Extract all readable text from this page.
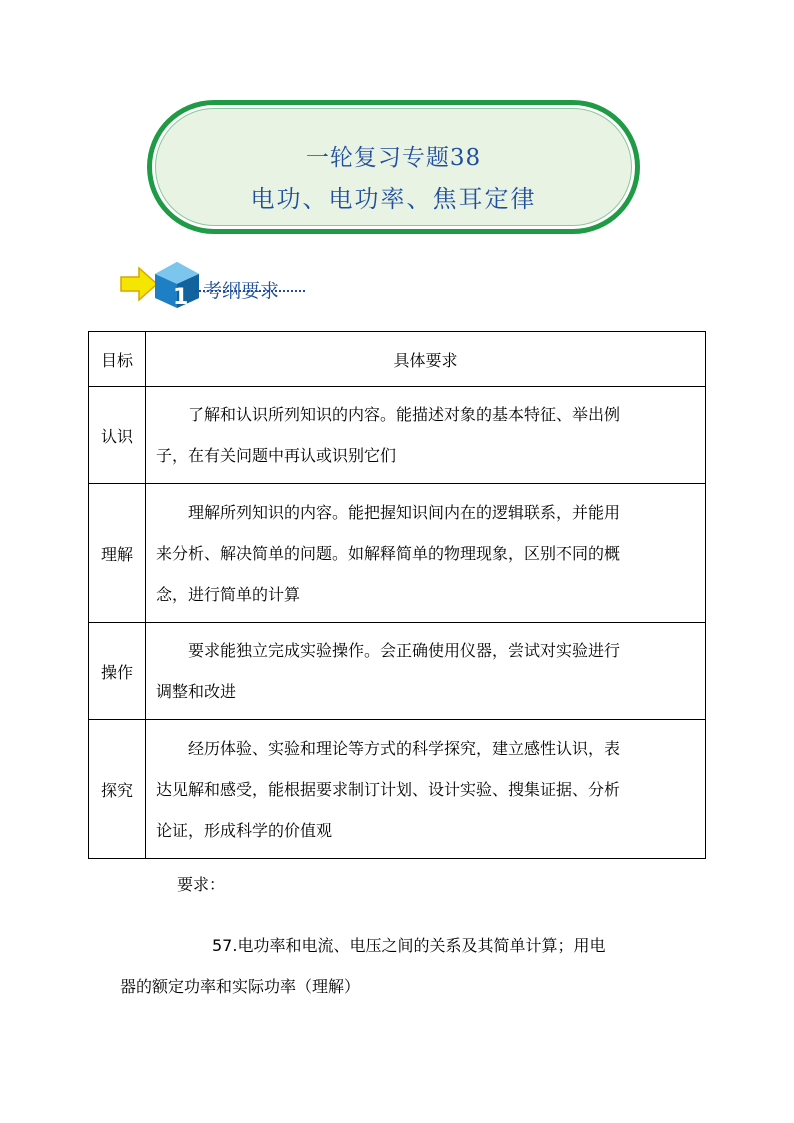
一轮复习专题38
电功、电功率、焦耳定律
1 考纲要求
目标	具体要求
认识	了解和认识所列知识的内容。能描述对象的基本特征、举出例
子，在有关问题中再认或识别它们

理解	理解所列知识的内容。能把握知识间内在的逻辑联系，并能用
来分析、解决简单的问题。如解释简单的物理现象，区别不同的概
念，进行简单的计算

操作	要求能独立完成实验操作。会正确使用仪器，尝试对实验进行
调整和改进

探究	经历体验、实验和理论等方式的科学探究，建立感性认识，表
达见解和感受，能根据要求制订计划、设计实验、搜集证据、分析
论证，形成科学的价值观
要求：
57.电功率和电流、电压之间的关系及其简单计算；用电
器的额定功率和实际功率（理解）
